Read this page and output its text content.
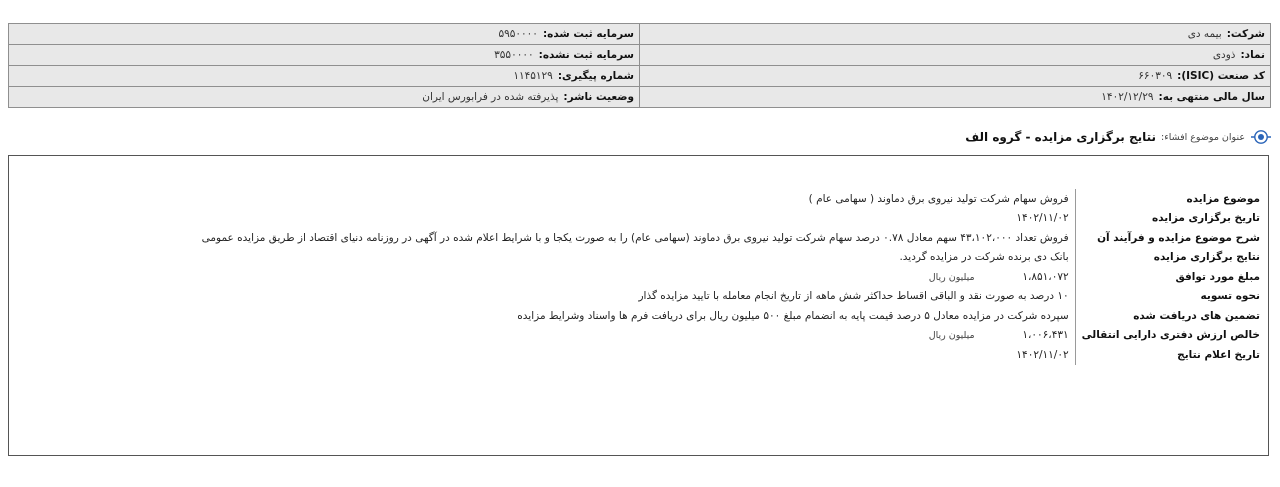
شرکت:بیمه دی	سرمایه ثبت شده:۵۹۵۰۰۰۰
نماد:ذودی	سرمایه ثبت نشده:۳۵۵۰۰۰۰
کد صنعت (ISIC):۶۶۰۳۰۹	شماره پیگیری:۱۱۴۵۱۲۹
سال مالی منتهی به:۱۴۰۲/۱۲/۲۹	وضعیت ناشر:پذیرفته شده در فرابورس ایران
عنوان موضوع افشاء:
نتایج برگزاری مزایده - گروه الف
موضوع مزایده	فروش سهام شرکت تولید نیروی برق دماوند ( سهامی عام )
تاریخ برگزاری مزایده	۱۴۰۲/۱۱/۰۲
شرح موضوع مزایده و فرآیند آن	فروش تعداد ۴۳،۱۰۲،۰۰۰ سهم معادل ۰.۷۸ درصد سهام شرکت تولید نیروی برق دماوند (سهامی عام) را به صورت یکجا و با شرایط اعلام شده در آگهی در روزنامه دنیای اقتصاد از طریق مزایده عمومی
نتایج برگزاری مزایده	بانک دی برنده شرکت در مزایده گردید.
مبلغ مورد توافق	۱،۸۵۱،۰۷۲میلیون ریال
نحوه تسویه	۱۰ درصد به صورت نقد و الباقی اقساط حداکثر شش ماهه از تاریخ انجام معامله با تایید مزایده گذار
تضمین های دریافت شده	سپرده شرکت در مزایده معادل ۵ درصد قیمت پایه به انضمام مبلغ ۵۰۰ میلیون ریال برای دریافت فرم ها واسناد وشرایط مزایده
خالص ارزش دفتری دارایی انتقالی	۱،۰۰۶،۴۳۱میلیون ریال
تاریخ اعلام نتایج	۱۴۰۲/۱۱/۰۲
